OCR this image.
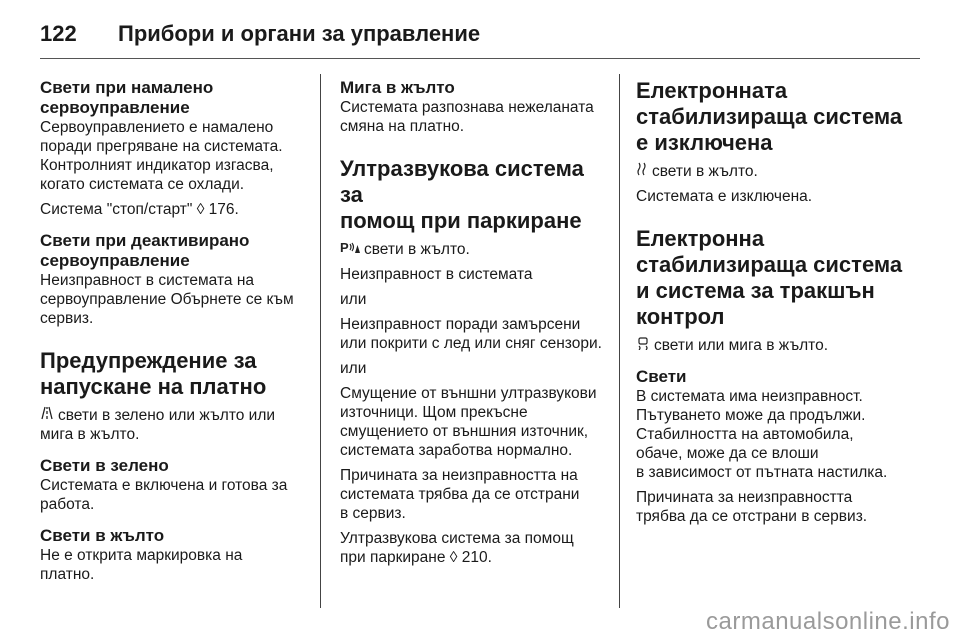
122	Прибори и органи за управление
Свети при намалено
сервоуправление
Сервоуправлението е намалено
поради прегряване на системата.
Контролният индикатор изгасва,
когато системата се охлади.
Система "стоп/старт" ◊ 176.
Свети при деактивирано
сервоуправление
Неизправност в системата на
сервоуправление Обърнете се към
сервиз.
Предупреждение за
напускане на платно
свети в зелено или жълто или
мига в жълто.
Свети в зелено
Системата е включена и готова за
работа.
Свети в жълто
Не е открита маркировка на
платно.
Мига в жълто
Системата разпознава нежеланата
смяна на платно.
Ултразвукова система за
помощ при паркиране
P свети в жълто.
Неизправност в системата
или
Неизправност поради замърсени
или покрити с лед или сняг сензори.
или
Смущение от външни ултразвукови
източници. Щом прекъсне
смущението от външния източник,
системата заработва нормално.
Причината за неизправността на
системата трябва да се отстрани
в сервиз.
Ултразвукова система за помощ
при паркиране ◊ 210.
Електронната
стабилизираща система
е изключена
свети в жълто.
Системата е изключена.
Електронна
стабилизираща система
и система за тракшън
контрол
свети или мига в жълто.
Свети
В системата има неизправност.
Пътуването може да продължи.
Стабилността на автомобила,
обаче, може да се влоши
в зависимост от пътната настилка.
Причината за неизправността
трябва да се отстрани в сервиз.
carmanualsonline.info
